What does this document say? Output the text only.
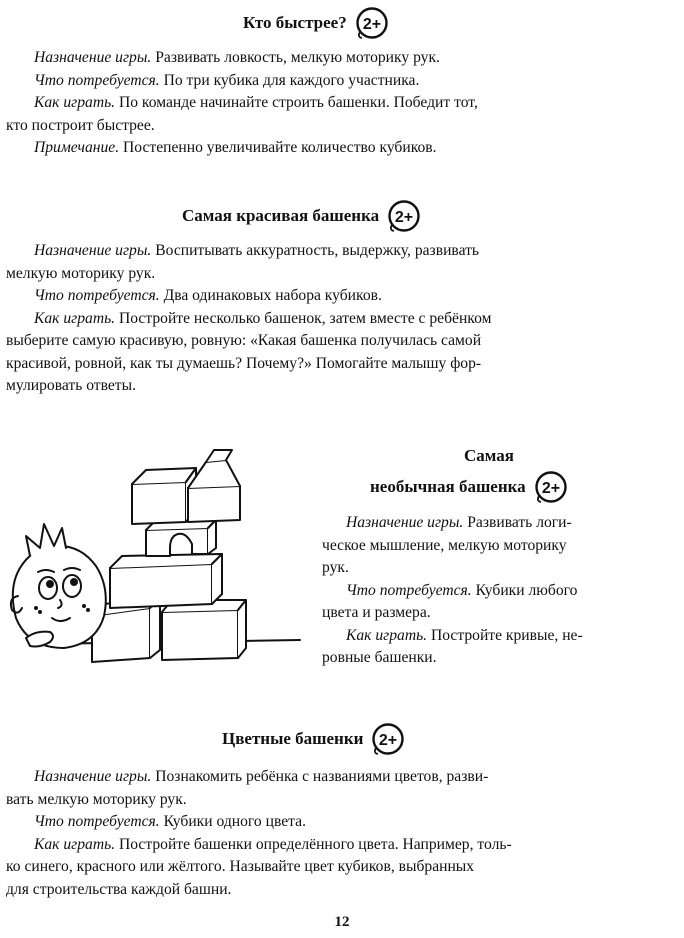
Кто быстрее? 2+
Назначение игры. Развивать ловкость, мелкую моторику рук.
Что потребуется. По три кубика для каждого участника.
Как играть. По команде начинайте строить башенки. Победит тот,
кто построит быстрее.
Примечание. Постепенно увеличивайте количество кубиков.
Самая красивая башенка 2+
Назначение игры. Воспитывать аккуратность, выдержку, развивать
мелкую моторику рук.
Что потребуется. Два одинаковых набора кубиков.
Как играть. Постройте несколько башенок, затем вместе с ребёнком
выберите самую красивую, ровную: «Какая башенка получилась самой
красивой, ровной, как ты думаешь? Почему?» Помогайте малышу фор-
мулировать ответы.
Самая
необычная башенка 2+
Назначение игры. Развивать логи-
ческое мышление, мелкую моторику
рук.
Что потребуется. Кубики любого
цвета и размера.
Как играть. Постройте кривые, не-
ровные башенки.
Цветные башенки 2+
Назначение игры. Познакомить ребёнка с названиями цветов, разви-
вать мелкую моторику рук.
Что потребуется. Кубики одного цвета.
Как играть. Постройте башенки определённого цвета. Например, толь-
ко синего, красного или жёлтого. Называйте цвет кубиков, выбранных
для строительства каждой башни.
12
